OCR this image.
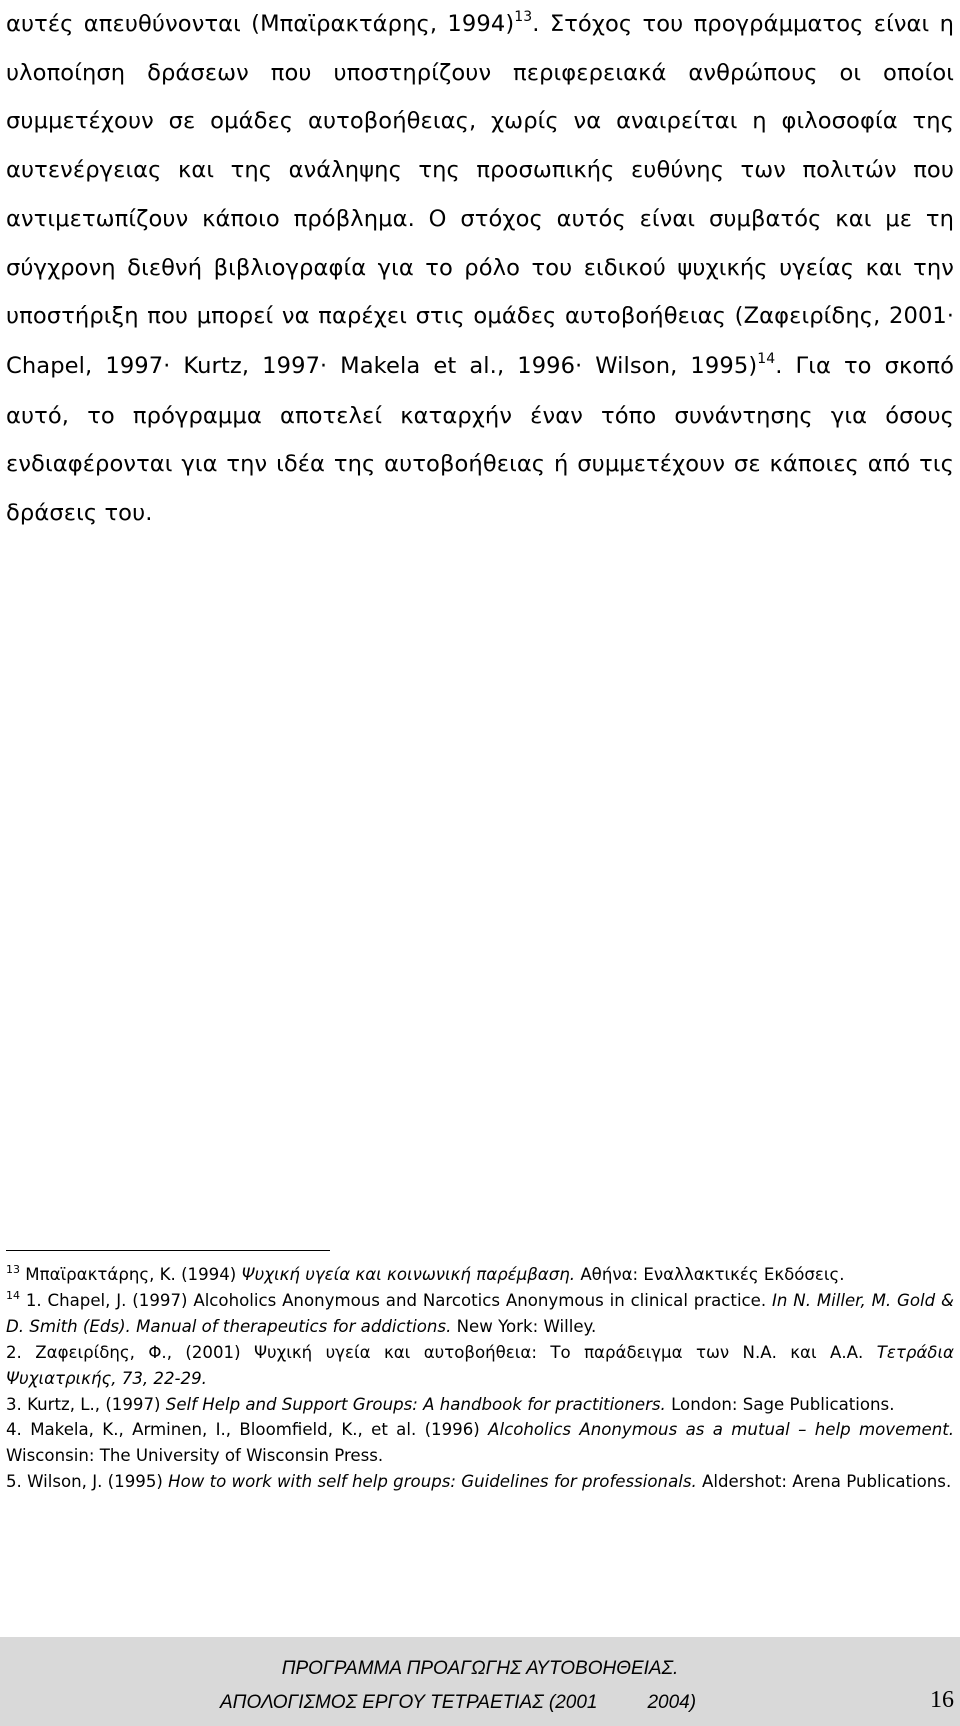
αυτές απευθύνονται (Μπαϊρακτάρης, 1994)$^{13}$. Στόχος του προγράμματος είναι η υλοποίηση δράσεων που υποστηρίζουν περιφερειακά ανθρώπους οι οποίοι συμμετέχουν σε ομάδες αυτοβοήθειας, χωρίς να αναιρείται η φιλοσοφία της αυτενέργειας και της ανάληψης της προσωπικής ευθύνης των πολιτών που αντιμετωπίζουν κάποιο πρόβλημα. Ο στόχος αυτός είναι συμβατός και με τη σύγχρονη διεθνή βιβλιογραφία για το ρόλο του ειδικού ψυχικής υγείας και την υποστήριξη που μπορεί να παρέχει στις ομάδες αυτοβοήθειας (Ζαφειρίδης, 2001· Chapel, 1997· Kurtz, 1997· Makela et al., 1996· Wilson, 1995)$^{14}$. Για το σκοπό αυτό, το πρόγραμμα αποτελεί καταρχήν έναν τόπο συνάντησης για όσους ενδιαφέρονται για την ιδέα της αυτοβοήθειας ή συμμετέχουν σε κάποιες από τις δράσεις του.

$^{13}$ Μπαϊρακτάρης, Κ. (1994) Ψυχική υγεία και κοινωνική παρέμβαση. Αθήνα: Εναλλακτικές Εκδόσεις.

$^{14}$ 1. Chapel, J. (1997) Alcoholics Anonymous and Narcotics Anonymous in clinical practice. In N. Miller, M. Gold & D. Smith (Eds). Manual of therapeutics for addictions. New York: Willey.

2. Ζαφειρίδης, Φ., (2001) Ψυχική υγεία και αυτοβοήθεια: Το παράδειγμα των Ν.Α. και Α.Α. Τετράδια Ψυχιατρικής, 73, 22-29.

3. Kurtz, L., (1997) Self Help and Support Groups: A handbook for practitioners. London: Sage Publications.

4. Makela, K., Arminen, I., Bloomfield, K., et al. (1996) Alcoholics Anonymous as a mutual – help movement. Wisconsin: The University of Wisconsin Press.

5. Wilson, J. (1995) How to work with self help groups: Guidelines for professionals. Aldershot: Arena Publications.

ΠΡΟΓΡΑΜΜΑ ΠΡΟΑΓΩΓΗΣ ΑΥΤΟΒΟΗΘΕΙΑΣ.
ΑΠΟΛΟΓΙΣΜΟΣ ΕΡΓΟΥ ΤΕΤΡΑΕΤΙΑΣ (2001	2004)	16
